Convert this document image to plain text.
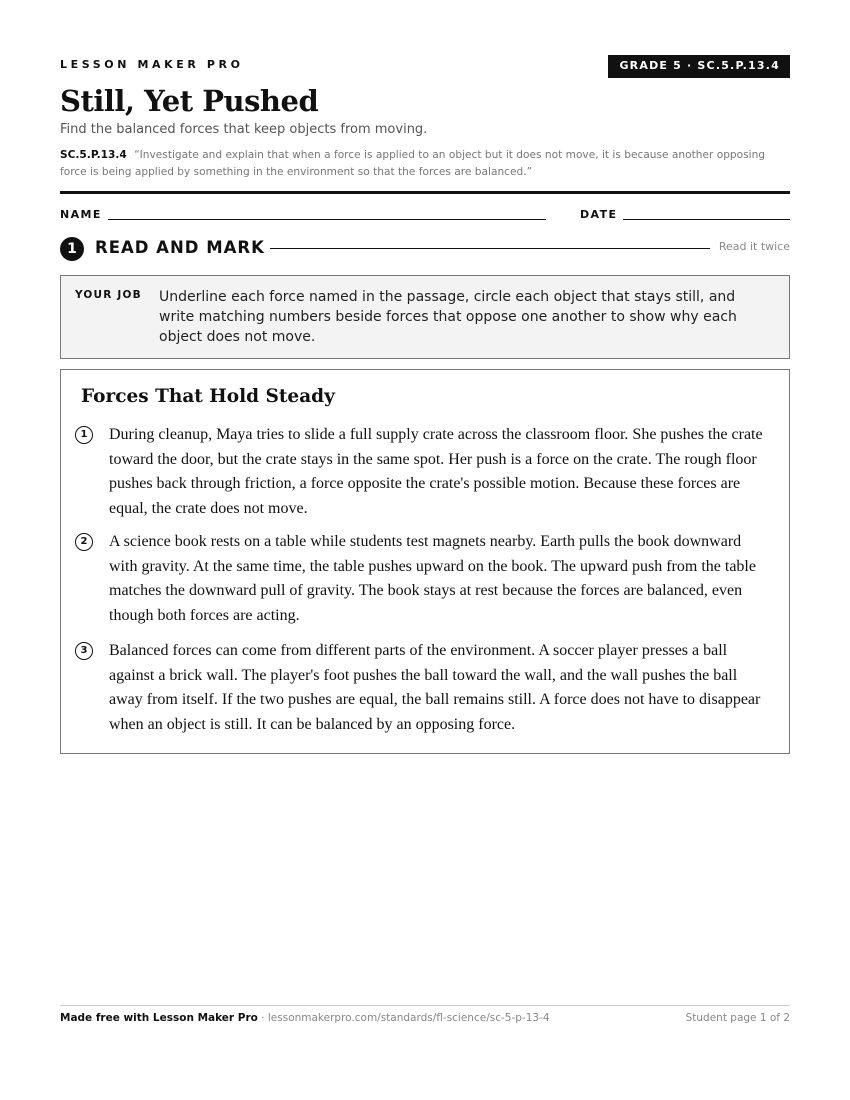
LESSON MAKER PRO	GRADE 5 · SC.5.P.13.4
Still, Yet Pushed
Find the balanced forces that keep objects from moving.
SC.5.P.13.4 “Investigate and explain that when a force is applied to an object but it does not move, it is because another opposing force is being applied by something in the environment so that the forces are balanced.”
NAME	DATE
1	READ AND MARK	Read it twice
YOUR JOB Underline each force named in the passage, circle each object that stays still, and write matching numbers beside forces that oppose one another to show why each object does not move.
Forces That Hold Steady
1	During cleanup, Maya tries to slide a full supply crate across the classroom floor. She pushes the crate toward the door, but the crate stays in the same spot. Her push is a force on the crate. The rough floor pushes back through friction, a force opposite the crate's possible motion. Because these forces are equal, the crate does not move.
2	A science book rests on a table while students test magnets nearby. Earth pulls the book downward with gravity. At the same time, the table pushes upward on the book. The upward push from the table matches the downward pull of gravity. The book stays at rest because the forces are balanced, even though both forces are acting.
3	Balanced forces can come from different parts of the environment. A soccer player presses a ball against a brick wall. The player's foot pushes the ball toward the wall, and the wall pushes the ball away from itself. If the two pushes are equal, the ball remains still. A force does not have to disappear when an object is still. It can be balanced by an opposing force.
Made free with Lesson Maker Pro · lessonmakerpro.com/standards/fl-science/sc-5-p-13-4	Student page 1 of 2
